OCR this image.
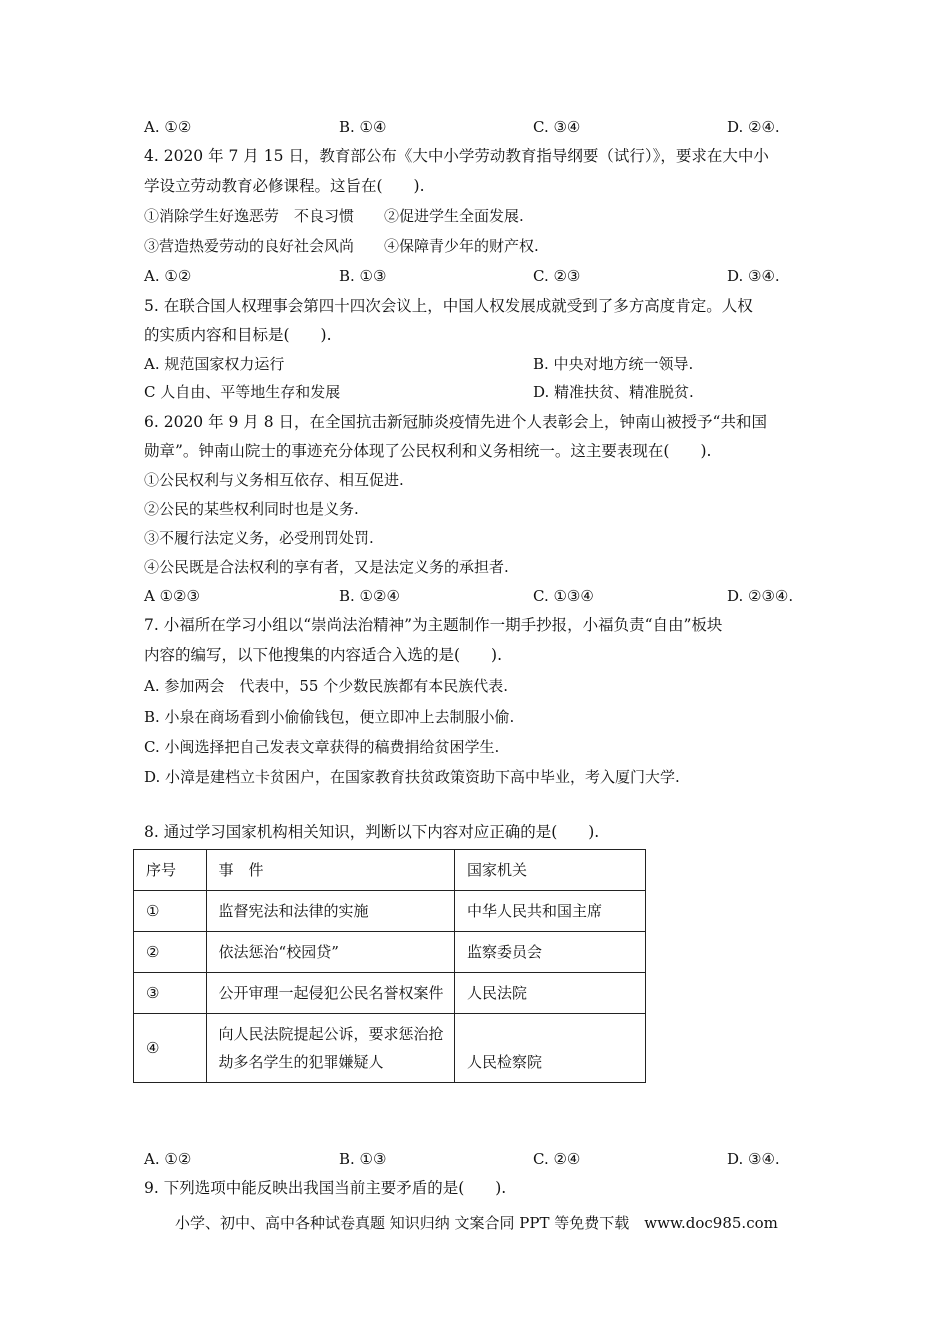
A. ①②	B. ①④	C. ③④	D. ②④.
4. 2020 年 7 月 15 日，教育部公布《大中小学劳动教育指导纲要（试行）》，要求在大中小
学设立劳动教育必修课程。这旨在(　　).
①消除学生好逸恶劳　不良习惯　　②促进学生全面发展.
③营造热爱劳动的良好社会风尚　　④保障青少年的财产权.
A. ①②	B. ①③	C. ②③	D. ③④.
5. 在联合国人权理事会第四十四次会议上，中国人权发展成就受到了多方高度肯定。人权
的实质内容和目标是(　　).
A. 规范国家权力运行	B. 中央对地方统一领导.
C 人自由、平等地生存和发展	D. 精准扶贫、精准脱贫.
6. 2020 年 9 月 8 日，在全国抗击新冠肺炎疫情先进个人表彰会上，钟南山被授予“共和国
勋章”。钟南山院士的事迹充分体现了公民权利和义务相统一。这主要表现在(　　).
①公民权利与义务相互依存、相互促进.
②公民的某些权利同时也是义务.
③不履行法定义务，必受刑罚处罚.
④公民既是合法权利的享有者，又是法定义务的承担者.
A ①②③	B. ①②④	C. ①③④	D. ②③④.
7. 小福所在学习小组以“崇尚法治精神”为主题制作一期手抄报，小福负责“自由”板块
内容的编写，以下他搜集的内容适合入选的是(　　).
A. 参加两会　代表中，55 个少数民族都有本民族代表.
B. 小泉在商场看到小偷偷钱包，便立即冲上去制服小偷.
C. 小闽选择把自己发表文章获得的稿费捐给贫困学生.
D. 小漳是建档立卡贫困户，在国家教育扶贫政策资助下高中毕业，考入厦门大学.
8. 通过学习国家机构相关知识，判断以下内容对应正确的是(　　).
序号	事　件	国家机关
①	监督宪法和法律的实施	中华人民共和国主席
②	依法惩治“校园贷”	监察委员会
③	公开审理一起侵犯公民名誉权案件	人民法院
④	向人民法院提起公诉，要求惩治抢劫多名学生的犯罪嫌疑人	人民检察院
A. ①②	B. ①③	C. ②④	D. ③④.
9. 下列选项中能反映出我国当前主要矛盾的是(　　).
小学、初中、高中各种试卷真题 知识归纳 文案合同 PPT 等免费下载　www.doc985.com
